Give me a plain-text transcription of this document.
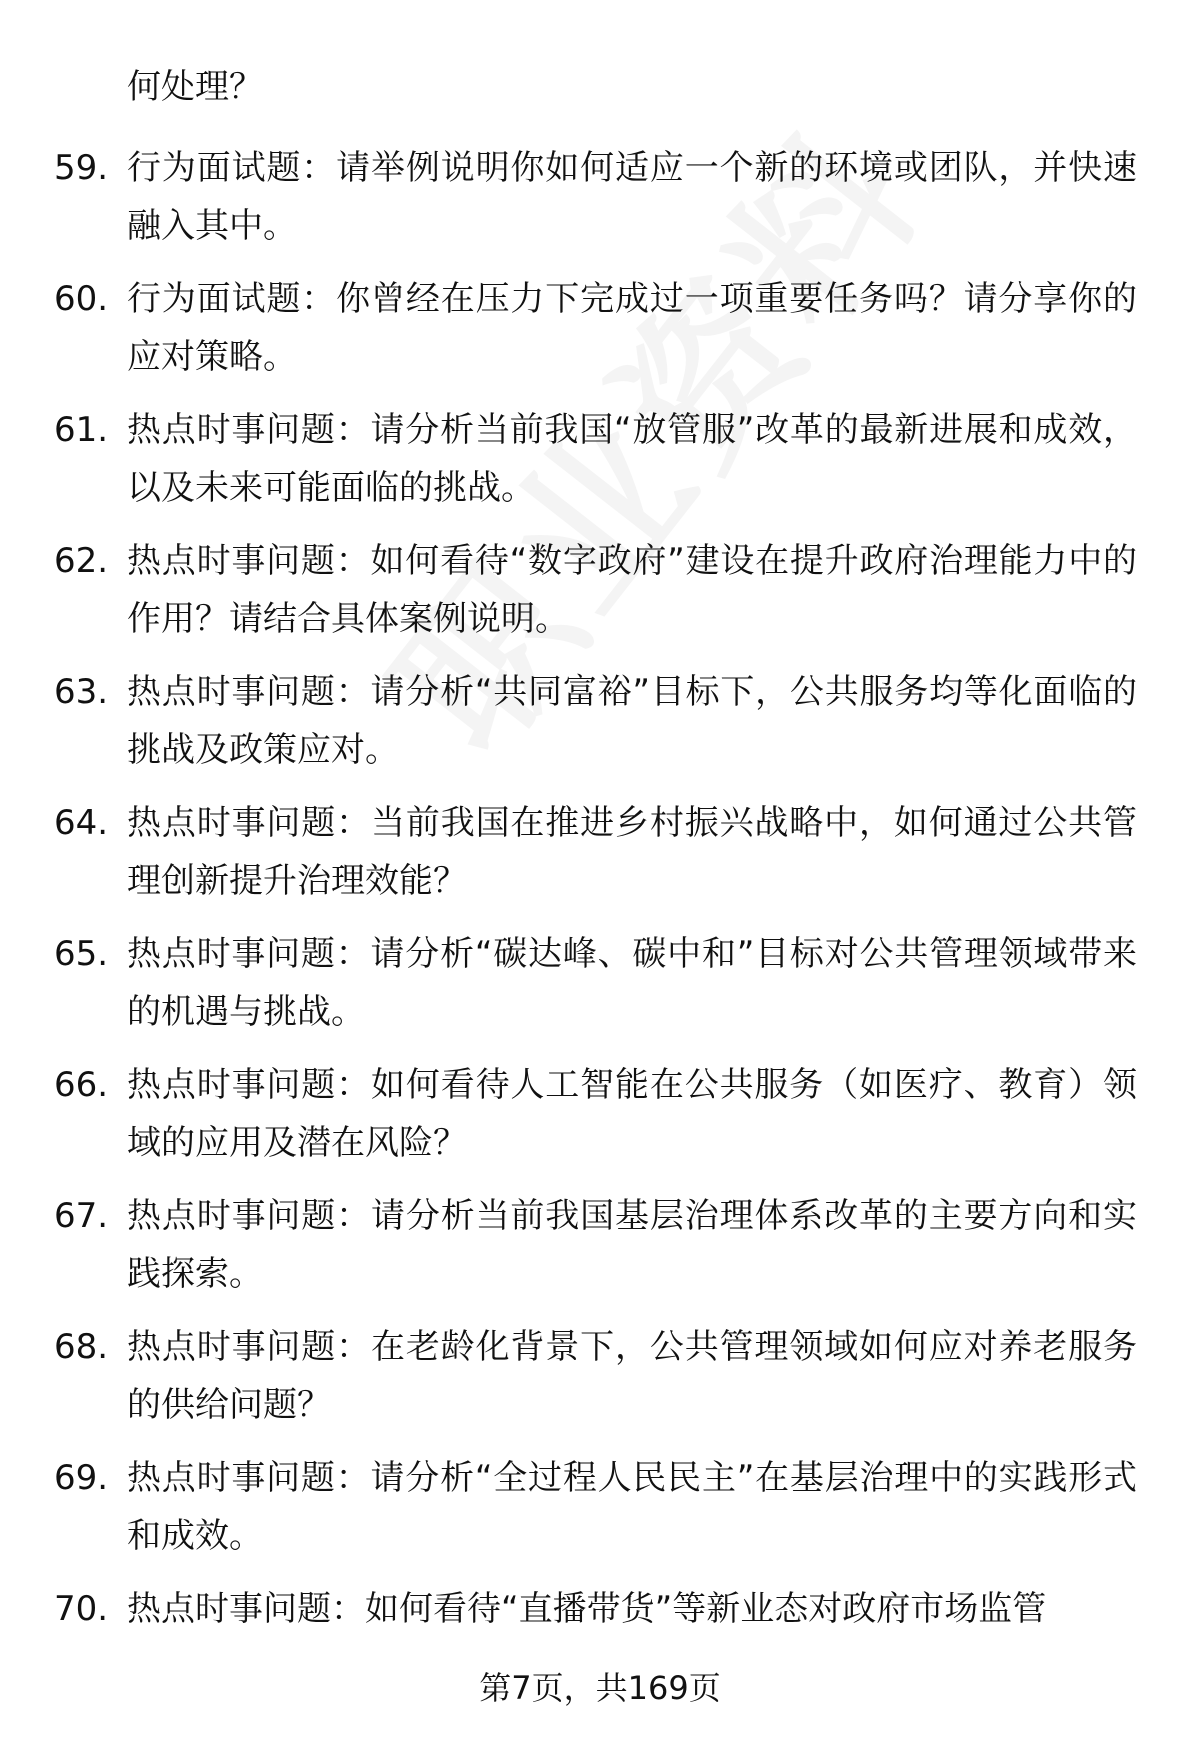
何处理？

59. 行为面试题：请举例说明你如何适应一个新的环境或团队，并快速融入其中。
60. 行为面试题：你曾经在压力下完成过一项重要任务吗？请分享你的应对策略。
61. 热点时事问题：请分析当前我国“放管服”改革的最新进展和成效，以及未来可能面临的挑战。
62. 热点时事问题：如何看待“数字政府”建设在提升政府治理能力中的作用？请结合具体案例说明。
63. 热点时事问题：请分析“共同富裕”目标下，公共服务均等化面临的挑战及政策应对。
64. 热点时事问题：当前我国在推进乡村振兴战略中，如何通过公共管理创新提升治理效能？
65. 热点时事问题：请分析“碳达峰、碳中和”目标对公共管理领域带来的机遇与挑战。
66. 热点时事问题：如何看待人工智能在公共服务（如医疗、教育）领域的应用及潜在风险？
67. 热点时事问题：请分析当前我国基层治理体系改革的主要方向和实践探索。
68. 热点时事问题：在老龄化背景下，公共管理领域如何应对养老服务的供给问题？
69. 热点时事问题：请分析“全过程人民民主”在基层治理中的实践形式和成效。
70. 热点时事问题：如何看待“直播带货”等新业态对政府市场监管
第7页，共169页
